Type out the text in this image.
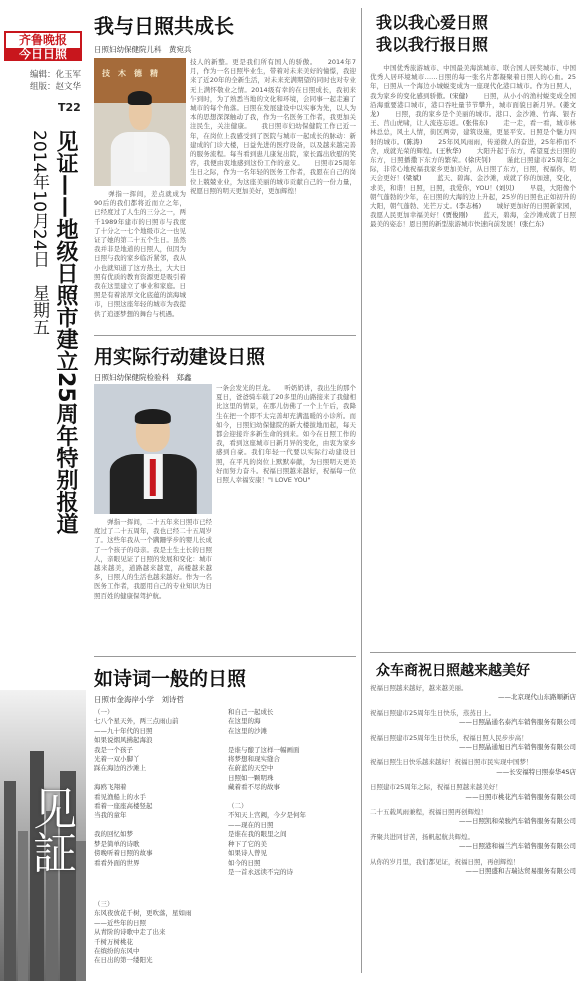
齐鲁晚报
今日日照
编辑：化玉军
组版：赵文华
T22
见证——地级日照市建立25周年特别报道
2014年10月24日　星期五
见証
我与日照共成长
日照妇幼保健院儿科　黄宛兵
技　木　德　精
　　弹指一挥间，差点就成为90后的我们都将近而立之年，已经度过了人生的三分之一，两千1989年建市的日照市与我度了十分之一七个地级市之一也见证了她的第二十五个生日。虽然我并非是地道的日照人，但因为日照与我的家乡临沂紧邻，我从小也就知道了这方热土，大大日照有优质的教育资源更是吸引着我在这里建立了事业和家庭。日照是有着浓厚文化底蕴的滨海城市，日照这座年轻的城市为我提供了追逐梦想的舞台与机遇。
技人的新整。更是我们所有国人的骄傲。　　2014年7月，作为一名日照毕业生，带着对未来美好的憧憬，我迎来了近20年的全新生活，对未来充满期望的同时也对专业无上满怀敬业之情。2014级有幸的在日照成长，我初来乍到时，为了熟悉当地的文化和环境，会同事一起走遍了城市的每个角落。日照在发展建设中以实事为先，以人为本的思想深深触动了我，作为一名医务工作者，我更加关注民生，关注健康。　　我日照市妇幼保健院工作已近一年，在岗位上我感受到了医院与城市一起成长的脉动：新建成的门诊大楼，日益先进的医疗设备，以及越来越完善的服务流程。每当看到患儿康复出院，家长露出欣慰的笑容，我便由衷地感到这份工作的意义。　　日照市25周年生日之际，作为一名年轻的医务工作者，我愿在自己的岗位上兢兢业业，为这座美丽的城市贡献自己的一份力量，祝愿日照的明天更加美好，更加辉煌！
用实际行动建设日照
日照妇幼保健院检验科　郑鑫
　　弹指一挥间，二十五年来日照市已经度过了二十五周年，我也已经二十五周岁了。这些年我从一个蹒跚学步的婴儿长成了一个孩子的母亲。我是土生土长的日照人，亲眼见证了日照的发展和变化：城市越来越美，道路越来越宽，高楼越来越多，日照人的生活也越来越好。作为一名医务工作者，我愿用自己的专业知识为日照百姓的健康保驾护航。
一条会发光的巨龙。　　听奶奶讲，我出生的那个夏日，爸爸骑车载了20多里的山路接来了我健相比这里的情景，在那儿仿佛了一个上午后，我降生在把一个即不太完善却充满温暖的小诊所。而如今，日照妇幼保健院的新大楼拔地而起，每天都会迎接许多新生命的到来。如今在日照工作的我，看到这座城市日新月异的变化，由衷为家乡感到自豪。我们年轻一代要以实际行动建设日照，在平凡的岗位上默默奉献，为日照明天更美好而努力奋斗。祝福日照越来越好，祝福每一位日照人幸福安康！"I LOVE YOU"
如诗词一般的日照
日照市金海岸小学　刘诗哲
（一）
七八个星天外，两三点雨山前
——九十年代的日照
如果说烟风拂起海浪
我是一个孩子
光着一双小脚丫
踩在海边的沙滩上

海鸥飞翔着
看见渔船上的水手
看着一座座高楼竖起
当我的童年

我的回忆如梦
梦是简单的诗歌
傍晚听着日照的故事
看看外面的世界
（三）
东风夜放花千树，更吹落，星如雨
——近些年的日照
从青阶的诗歌中走了出来
千树万树桃花
在缤纷的东风中
在日出的第一缕阳光
和自己一起成长
在这里的海
在这里的沙滩

是谁与酿了这样一幅画面
将梦想和现实缝合
在蔚蓝的天空中
日照如一颗明珠
藏着看不尽的故事

（二）
不知天上宫阙，今夕是何年
——现在的日照
是谁在我的眼里之间
种下了它的美
如果诗人曾见
如今的日照
是一首永远读不完的诗
我以我心爱日照
我以我行报日照
　　中国优秀旅游城市、中国最美海滨城市、联合国人居奖城市、中国优秀人居环境城市……日照的每一张名片都凝聚着日照人的心血。25年，日照从一个海边小城蜕变成为一座现代化港口城市。作为日照人，我为家乡的变化感到骄傲。(宋健) 　　日照，从小小的渔村蜕变成全国沿海重要港口城市，港口吞吐量节节攀升，城市面貌日新月异。(姜文龙) 　　日照，我的家乡是个美丽的城市。港口、金沙滩、竹海、银杏王、莒山虎啸，让人流连忘返。(张伟东) 　　走一走，看一看，城市林林总总，风土人情，街区两旁，建筑设施，更显平安。日照是个魅力四射的城市。(陈涛) 　　25年风风雨雨，传递微人的奋进，25年栉而不舍，成就光荣的辉煌。(王秋华) 　　大阳升起于东方，希望夏去日照的东方，日照播撒下东方的繁荣。(徐庆钊) 　　谨此日照建市25周年之际，非常心地祝福我家乡更加美好，从日照了东方，日照，祝福你，明天会更好！(梁斌) 　　蓝天、碧海、金沙滩，成就了你的加速，变化，求美，和谐！日照，日照，我爱你，YOU！(刘贝) 　　早晨，大阳像个朝气蓬勃的少年，在日照的大海的边上升起，25岁的日照也正如初升的大阳，朝气蓬勃、光芒万丈。(李志杨) 　　城好更加好的日照新家园，我愿人民更加幸福美好！(贾俊刚) 　　蓝天，碧海，金沙滩成就了日照最美的姿态！恩日照的新型旅游城市快速向前发展！(张仁东)
众车商祝日照越来越美好
祝福日照越来越好，越来越美丽。
——北京现代山东路顺新店
祝福日照建市25周年生日快乐，蒸蒸日上。
——日照晶通名泰汽车销售服务有限公司
祝福日照建市25周年生日快乐，祝福日照人民步步高！
——日照晶通旭日汽车销售服务有限公司
祝福日照生日快乐越来越好！祝福日照市民实现中国梦！
——长安福特日照泰华4S店
日照建市25周年之际，祝福日照越来越美好！
——日照市桃花汽车销售服务有限公司
二十五载风雨兼程，祝福日照再创辉煌！
——日照凯和荣骏汽车销售服务有限公司
齐聚共进同甘苦，扬帆起航共辉煌。
——日照港和福兰汽车销售服务有限公司
从你的岁月里，我们都见证，祝福日照，再创辉煌！
——日照盛和吉瑞达贸易服务有限公司
